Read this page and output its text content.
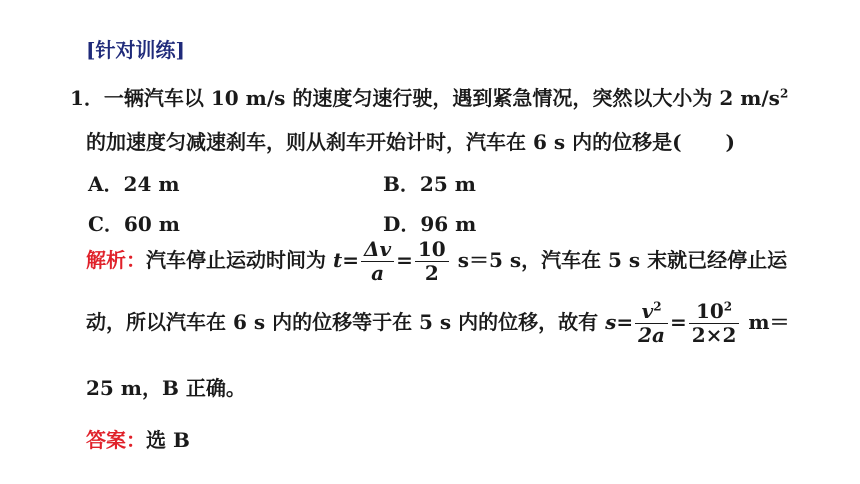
[针对训练]
1．一辆汽车以 10 m/s 的速度匀速行驶，遇到紧急情况，突然以大小为 2 $m/s^2$
的加速度匀减速刹车，则从刹车开始计时，汽车在 6 s 内的位移是( )
A．24 m	B．25 m
C．60 m	D．96 m
解析：汽车停止运动时间为 $t= \frac{\Delta v}{a} = \frac{10}{2} s=5$ s，汽车在 5 s 末就已经停止运
动，所以汽车在 6 s 内的位移等于在 5 s 内的位移，故有 $s= \frac{v^2}{2a} = \frac{10^2}{2\times 2} m=$
25 m，B 正确。
答案：选 B
